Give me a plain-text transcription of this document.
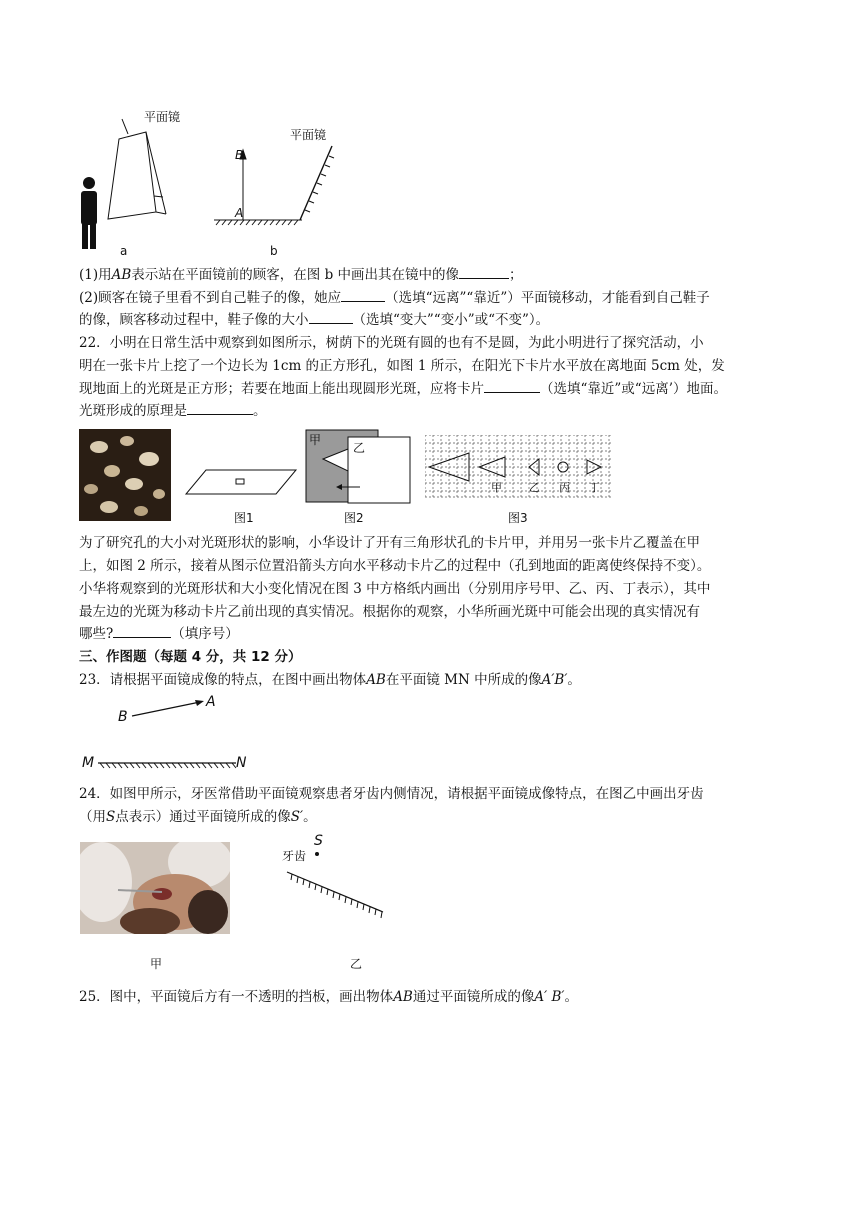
平面镜
平面镜
B
A
a	b
(1)用AB表示站在平面镜前的顾客，在图 b 中画出其在镜中的像	；
(2)顾客在镜子里看不到自己鞋子的像，她应	（选填“远离”“靠近”）平面镜移动，才能看到自己鞋子
的像，顾客移动过程中，鞋子像的大小	（选填“变大”“变小”或“不变”）。
22．小明在日常生活中观察到如图所示，树荫下的光斑有圆的也有不是圆，为此小明进行了探究活动，小
明在一张卡片上挖了一个边长为 1cm 的正方形孔，如图 1 所示，在阳光下卡片水平放在离地面 5cm 处，发
现地面上的光斑是正方形；若要在地面上能出现圆形光斑，应将卡片	（选填“靠近”或“远离’）地面。
光斑形成的原理是	。
图1
甲
乙
图2
甲 乙 丙 丁
图3
为了研究孔的大小对光斑形状的影响，小华设计了开有三角形状孔的卡片甲，并用另一张卡片乙覆盖在甲
上，如图 2 所示，接着从图示位置沿箭头方向水平移动卡片乙的过程中（孔到地面的距离使终保持不变）。
小华将观察到的光斑形状和大小变化情况在图 3 中方格纸内画出（分别用序号甲、乙、丙、丁表示），其中
最左边的光斑为移动卡片乙前出现的真实情况。根据你的观察，小华所画光斑中可能会出现的真实情况有
哪些?	（填序号）
三、作图题（每题 4 分，共 12 分）
23．请根据平面镜成像的特点，在图中画出物体AB在平面镜 MN 中所成的像A′B′。
B
A
M	N
24．如图甲所示，牙医常借助平面镜观察患者牙齿内侧情况，请根据平面镜成像特点，在图乙中画出牙齿
（用S点表示）通过平面镜所成的像S′。
甲
牙齿
S
乙
25．图中，平面镜后方有一不透明的挡板，画出物体AB通过平面镜所成的像A′ B′。
